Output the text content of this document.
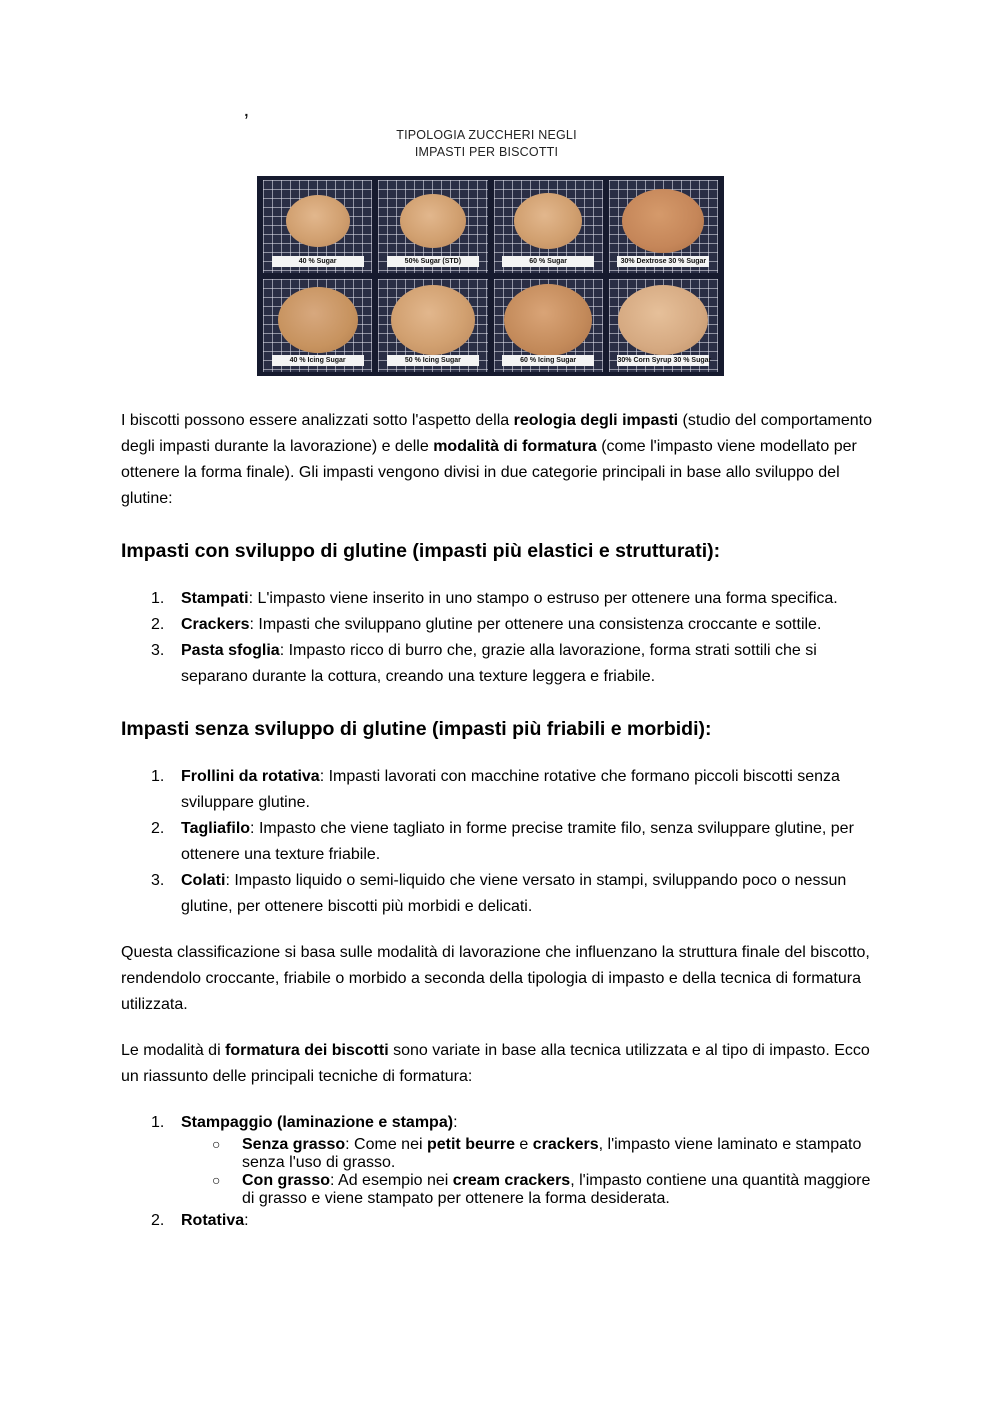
ʼ	TIPOLOGIA ZUCCHERI NEGLI
IMPASTI PER BISCOTTI
40 % Sugar	50% Sugar (STD)	60 % Sugar	30% Dextrose 30 % Sugar
40 % Icing Sugar	50 % Icing Sugar	60 % Icing Sugar	30% Corn Syrup 30 % Sugar

I biscotti possono essere analizzati sotto l'aspetto della reologia degli impasti (studio del comportamento degli impasti durante la lavorazione) e delle modalità di formatura (come l'impasto viene modellato per ottenere la forma finale). Gli impasti vengono divisi in due categorie principali in base allo sviluppo del glutine:

Impasti con sviluppo di glutine (impasti più elastici e strutturati):
1. Stampati: L'impasto viene inserito in uno stampo o estruso per ottenere una forma specifica.
2. Crackers: Impasti che sviluppano glutine per ottenere una consistenza croccante e sottile.
3. Pasta sfoglia: Impasto ricco di burro che, grazie alla lavorazione, forma strati sottili che si separano durante la cottura, creando una texture leggera e friabile.
Impasti senza sviluppo di glutine (impasti più friabili e morbidi):
1. Frollini da rotativa: Impasti lavorati con macchine rotative che formano piccoli biscotti senza sviluppare glutine.
2. Tagliafilo: Impasto che viene tagliato in forme precise tramite filo, senza sviluppare glutine, per ottenere una texture friabile.
3. Colati: Impasto liquido o semi-liquido che viene versato in stampi, sviluppando poco o nessun glutine, per ottenere biscotti più morbidi e delicati.

Questa classificazione si basa sulle modalità di lavorazione che influenzano la struttura finale del biscotto, rendendolo croccante, friabile o morbido a seconda della tipologia di impasto e della tecnica di formatura utilizzata.

Le modalità di formatura dei biscotti sono variate in base alla tecnica utilizzata e al tipo di impasto. Ecco un riassunto delle principali tecniche di formatura:

1. Stampaggio (laminazione e stampa):
○ Senza grasso: Come nei petit beurre e crackers, l'impasto viene laminato e stampato senza l'uso di grasso.
○ Con grasso: Ad esempio nei cream crackers, l'impasto contiene una quantità maggiore di grasso e viene stampato per ottenere la forma desiderata.
2. Rotativa:
